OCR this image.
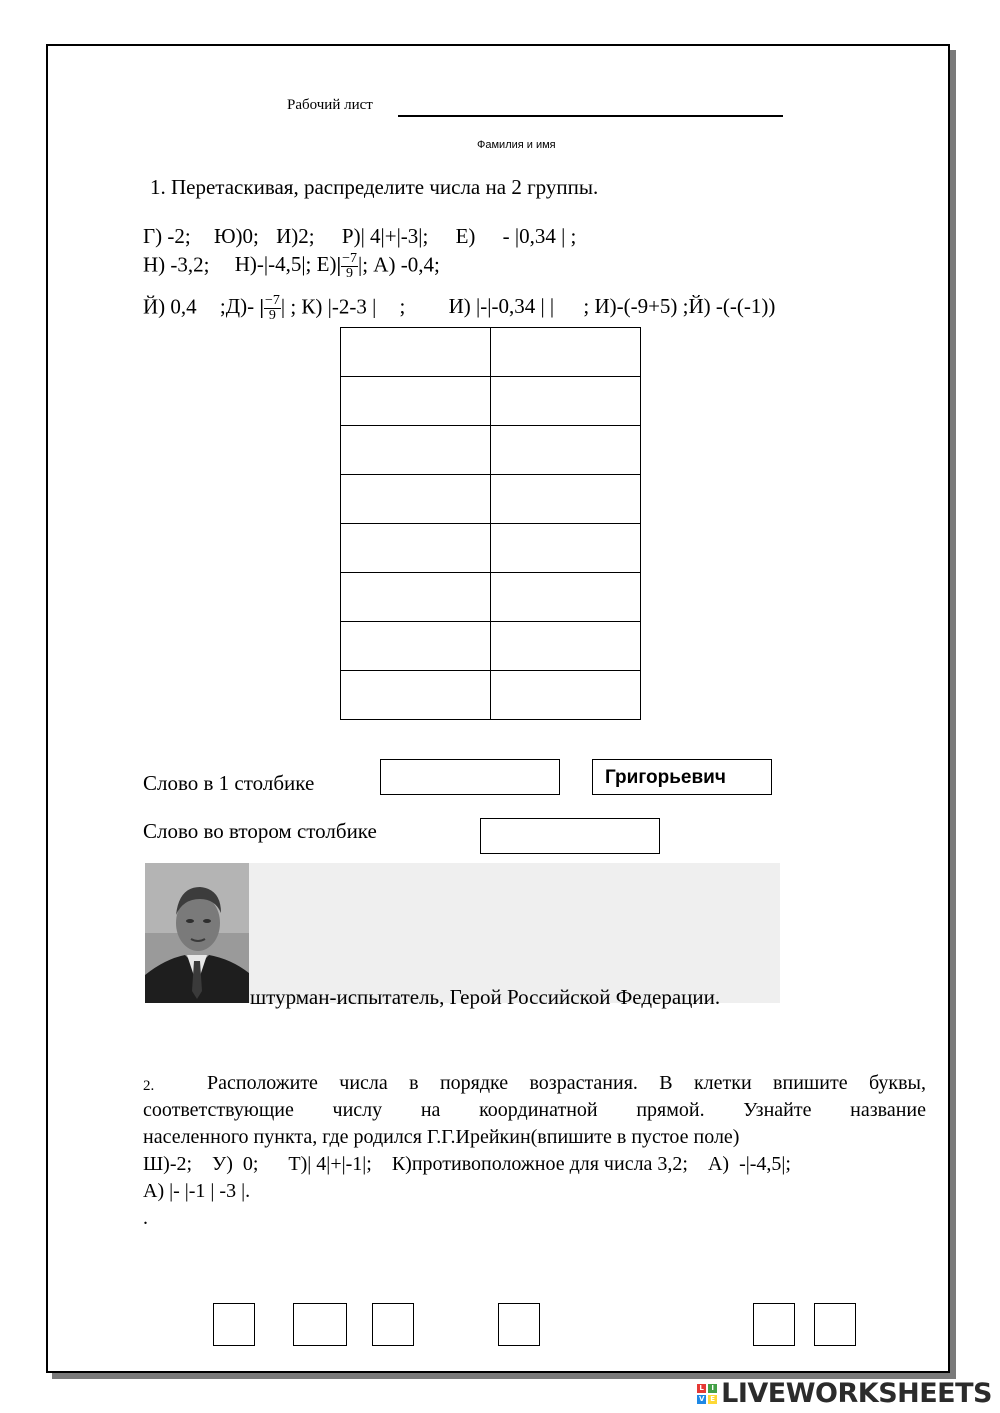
Рабочий лист
Фамилия и имя
1. Перетаскивая, распределите числа на 2 группы.
Г) -2; Ю)0; И)2; Р)| 4|+|-3|; Е) - |0,34 | ;
Н) -3,2; Н)-|-4,5|; $Е)| \frac{-7}{9}$ |; А) -0,4;
Й) 0,4 ;Д)- | $\frac{-7}{9}$ | ; К) |-2-3 | ; И) |-|-0,34 | | ; И)-(-9+5) ;Й) -(-(-1))

Слово в 1 столбике	Григорьевич
Слово во втором столбике
штурман-испытатель, Герой Российской Федерации.
2.	Расположите числа в порядке возрастания. В клетки впишите буквы,
соответствующие числу на координатной прямой. Узнайте название
населенного пункта, где родился Г.Г.Ирейкин(впишите в пустое поле)
Ш)-2;    У)  0;      Т)| 4|+|-1|;    К)противоположное для числа 3,2;    А)  -|-4,5|;
А) |- |-1 | -3 |.
.
L	I
V E LIVEWORKSHEETS
